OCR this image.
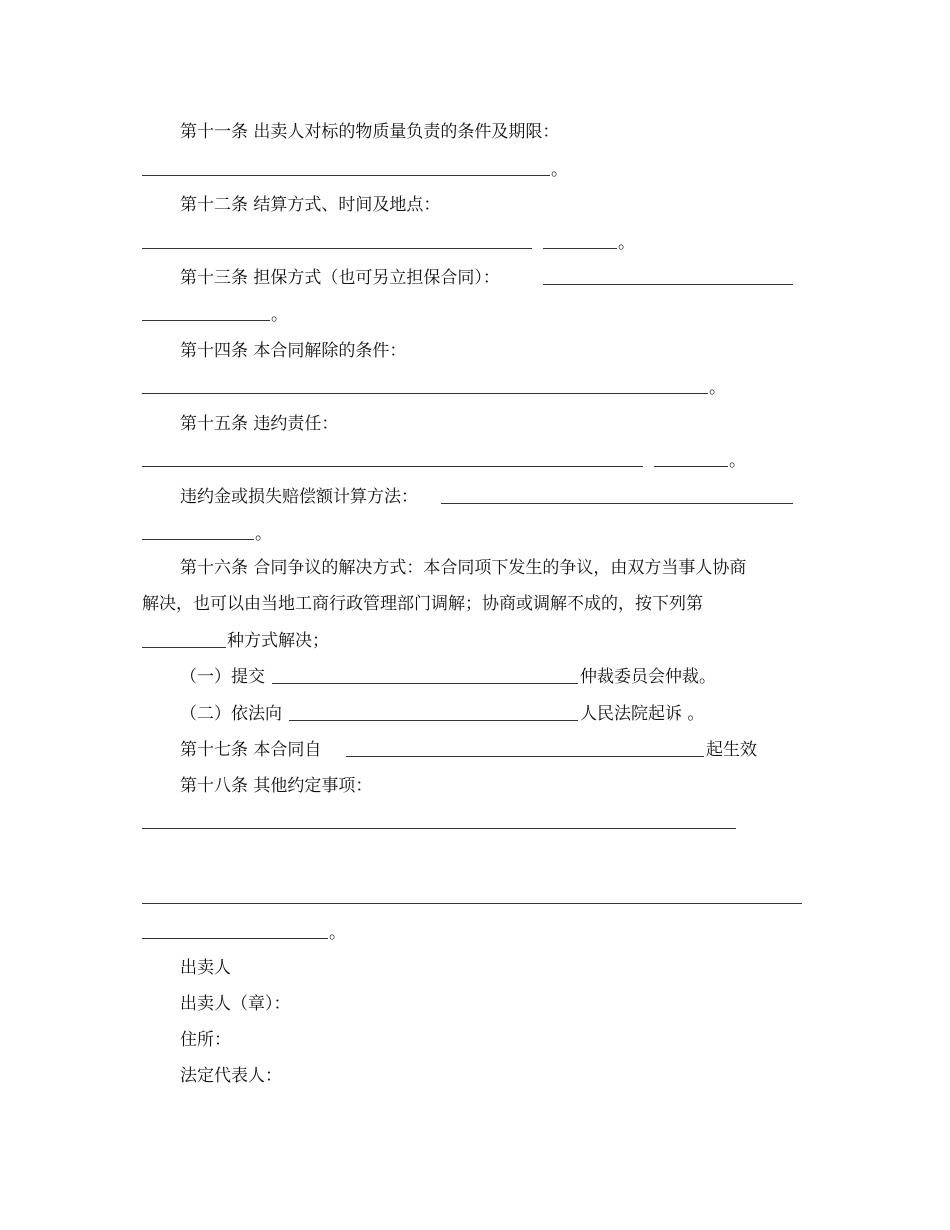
第十一条 出卖人对标的物质量负责的条件及期限：
。
第十二条 结算方式、时间及地点：
。
第十三条 担保方式（也可另立担保合同）：
。
第十四条 本合同解除的条件：
。
第十五条 违约责任：
。
违约金或损失赔偿额计算方法：
。
第十六条 合同争议的解决方式：本合同项下发生的争议，由双方当事人协商
解决，也可以由当地工商行政管理部门调解；协商或调解不成的，按下列第
种方式解决；
（一）提交	仲裁委员会仲裁。
（二）依法向	人民法院起诉 。
第十七条 本合同自	起生效
第十八条 其他约定事项：
。
出卖人
出卖人（章）：
住所：
法定代表人：
